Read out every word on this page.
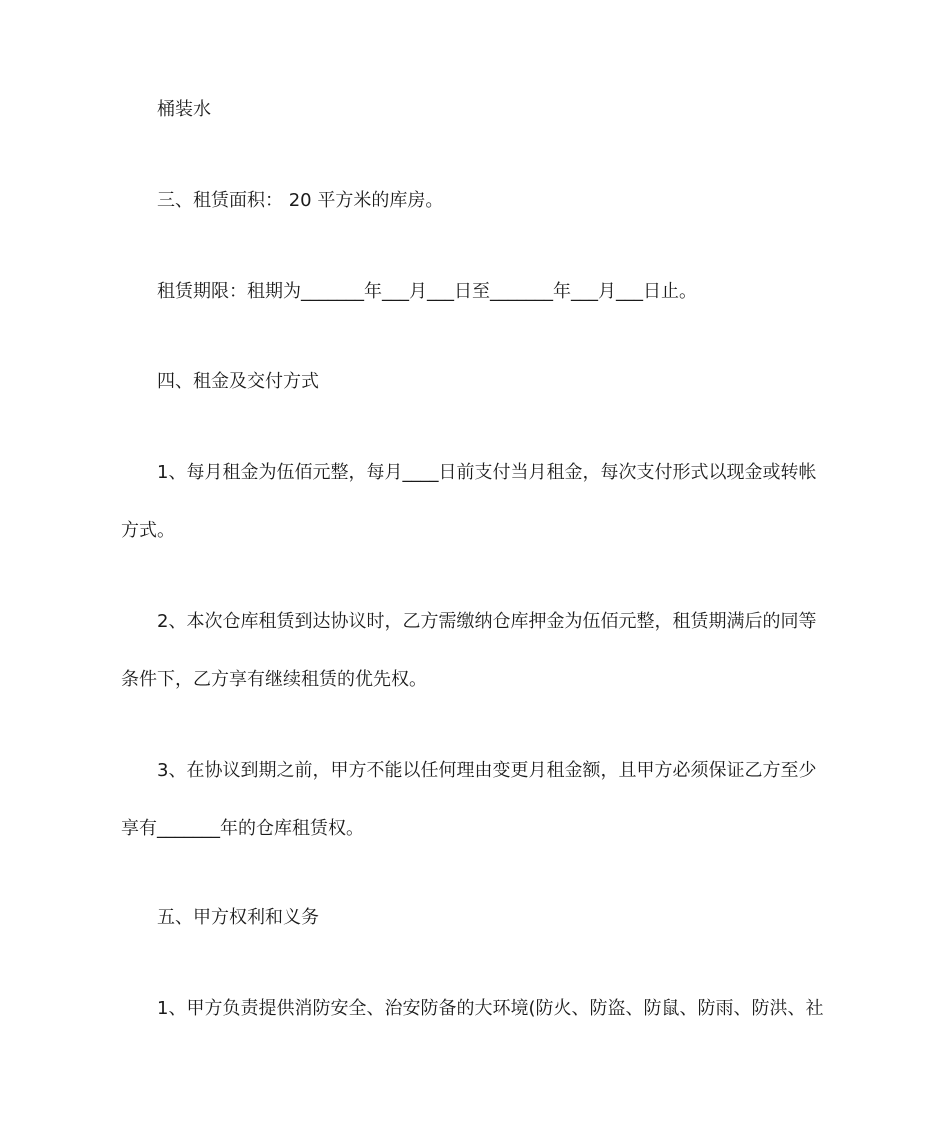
桶装水
三、租赁面积： 20 平方米的库房。
租赁期限：租期为_______年___月___日至_______年___月___日止。
四、租金及交付方式
1、每月租金为伍佰元整，每月____日前支付当月租金，每次支付形式以现金或转帐
方式。
2、本次仓库租赁到达协议时，乙方需缴纳仓库押金为伍佰元整，租赁期满后的同等
条件下，乙方享有继续租赁的优先权。
3、在协议到期之前，甲方不能以任何理由变更月租金额，且甲方必须保证乙方至少
享有_______年的仓库租赁权。
五、甲方权利和义务
1、甲方负责提供消防安全、治安防备的大环境(防火、防盗、防鼠、防雨、防洪、社
